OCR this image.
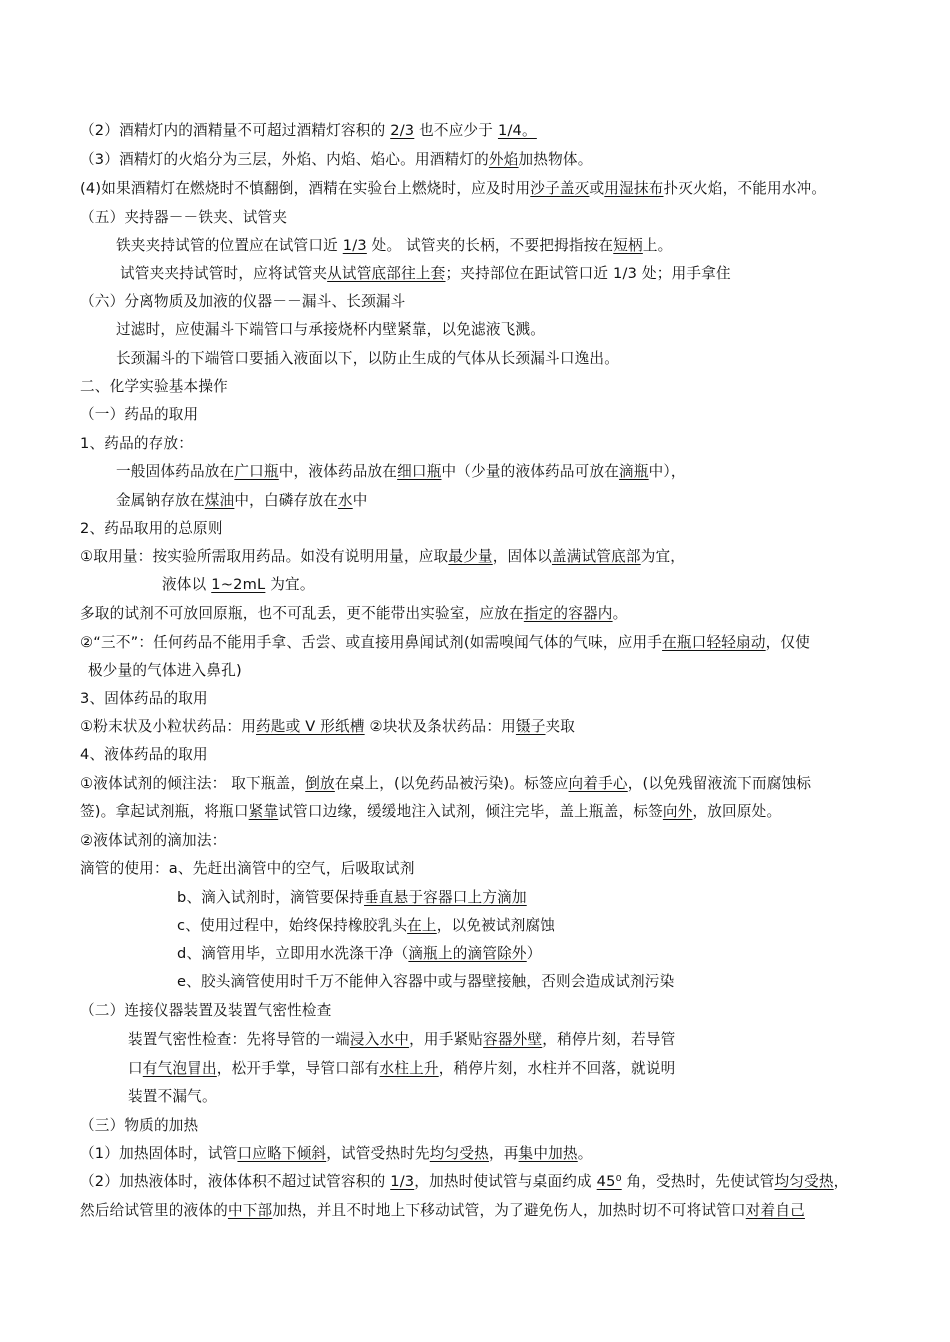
（2）酒精灯内的酒精量不可超过酒精灯容积的 2/3 也不应少于 1/4。
（3）酒精灯的火焰分为三层，外焰、内焰、焰心。用酒精灯的外焰加热物体。
(4)如果酒精灯在燃烧时不慎翻倒，酒精在实验台上燃烧时，应及时用沙子盖灭或用湿抹布扑灭火焰，不能用水冲。
（五）夹持器－－铁夹、试管夹
铁夹夹持试管的位置应在试管口近 1/3 处。 试管夹的长柄，不要把拇指按在短柄上。
试管夹夹持试管时，应将试管夹从试管底部往上套；夹持部位在距试管口近 1/3 处；用手拿住
（六）分离物质及加液的仪器－－漏斗、长颈漏斗
过滤时，应使漏斗下端管口与承接烧杯内壁紧靠，以免滤液飞溅。
长颈漏斗的下端管口要插入液面以下，以防止生成的气体从长颈漏斗口逸出。
二、化学实验基本操作
（一）药品的取用
1、药品的存放：
一般固体药品放在广口瓶中，液体药品放在细口瓶中（少量的液体药品可放在滴瓶中），
金属钠存放在煤油中，白磷存放在水中
2、药品取用的总原则
①取用量：按实验所需取用药品。如没有说明用量，应取最少量，固体以盖满试管底部为宜，
液体以 1~2mL 为宜。
多取的试剂不可放回原瓶，也不可乱丢，更不能带出实验室，应放在指定的容器内。
②“三不”：任何药品不能用手拿、舌尝、或直接用鼻闻试剂(如需嗅闻气体的气味，应用手在瓶口轻轻扇动，仅使
极少量的气体进入鼻孔)
3、固体药品的取用
①粉末状及小粒状药品：用药匙或 V 形纸槽 ②块状及条状药品：用镊子夹取
4、液体药品的取用
①液体试剂的倾注法： 取下瓶盖，倒放在桌上，(以免药品被污染)。标签应向着手心，(以免残留液流下而腐蚀标
签)。拿起试剂瓶，将瓶口紧靠试管口边缘，缓缓地注入试剂，倾注完毕，盖上瓶盖，标签向外，放回原处。
②液体试剂的滴加法：
滴管的使用：a、先赶出滴管中的空气，后吸取试剂
b、滴入试剂时，滴管要保持垂直悬于容器口上方滴加
c、使用过程中，始终保持橡胶乳头在上，以免被试剂腐蚀
d、滴管用毕，立即用水洗涤干净（滴瓶上的滴管除外）
e、胶头滴管使用时千万不能伸入容器中或与器壁接触，否则会造成试剂污染
（二）连接仪器装置及装置气密性检查
装置气密性检查：先将导管的一端浸入水中，用手紧贴容器外壁，稍停片刻，若导管
口有气泡冒出，松开手掌，导管口部有水柱上升，稍停片刻，水柱并不回落，就说明
装置不漏气。
（三）物质的加热
（1）加热固体时，试管口应略下倾斜，试管受热时先均匀受热，再集中加热。
（2）加热液体时，液体体积不超过试管容积的 1/3，加热时使试管与桌面约成 45⁰ 角，受热时，先使试管均匀受热，
然后给试管里的液体的中下部加热，并且不时地上下移动试管，为了避免伤人，加热时切不可将试管口对着自己
